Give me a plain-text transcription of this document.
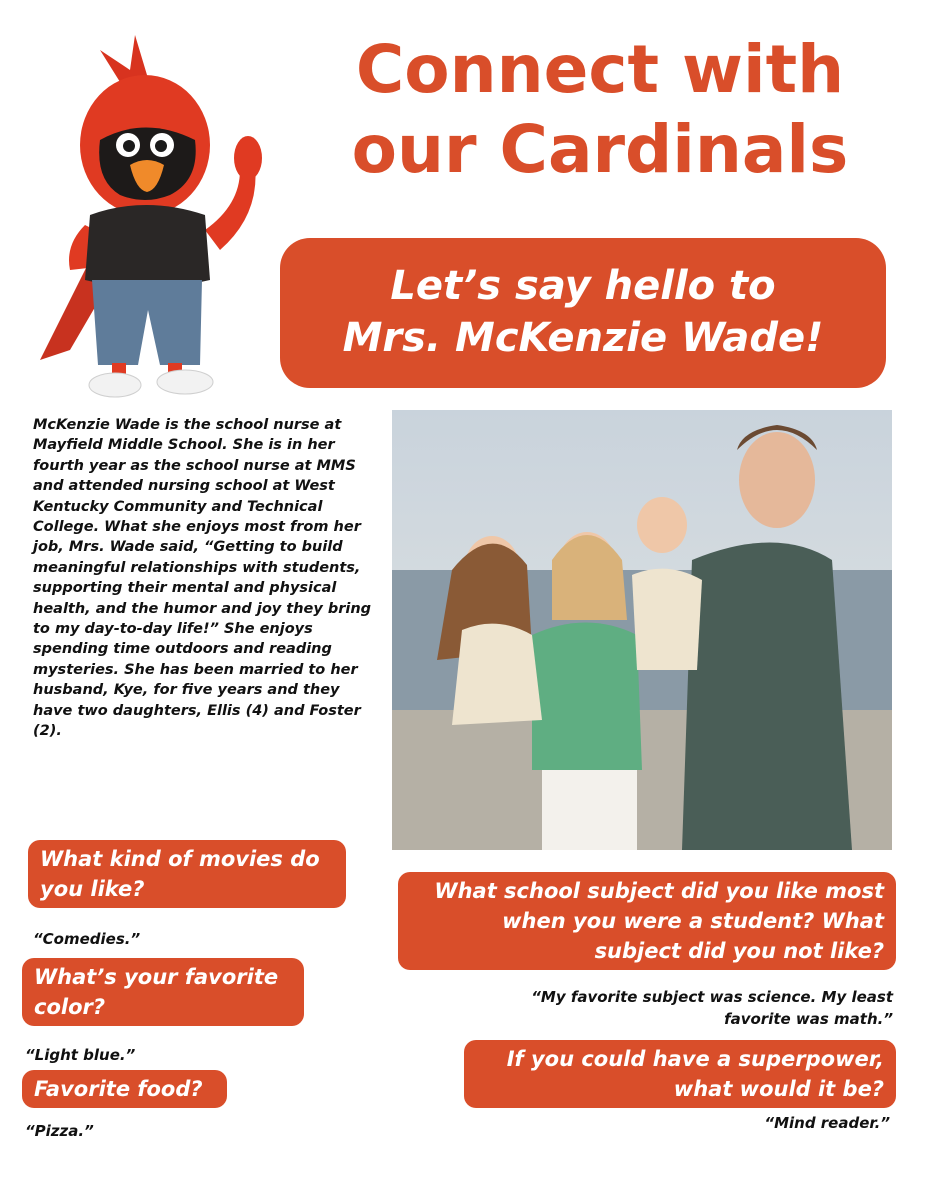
Connect with
our Cardinals
Let’s say hello to
Mrs. McKenzie Wade!
McKenzie Wade is the school nurse at Mayfield Middle School. She is in her fourth year as the school nurse at MMS and attended nursing school at West Kentucky Community and Technical College. What she enjoys most from her job, Mrs. Wade said, “Getting to build meaningful relationships with students, supporting their mental and physical health, and the humor and joy they bring to my day-to-day life!” She enjoys spending time outdoors and reading mysteries. She has been married to her husband, Kye, for five years and they have two daughters, Ellis (4) and Foster (2).
What kind of movies do
you like?
“Comedies.”
What’s your favorite
color?
“Light blue.”
Favorite food?
“Pizza.”
What school subject did you like most
when you were a student? What
subject did you not like?
“My favorite subject was science. My least
favorite was math.”
If you could have a superpower,
what would it be?
“Mind reader.”
